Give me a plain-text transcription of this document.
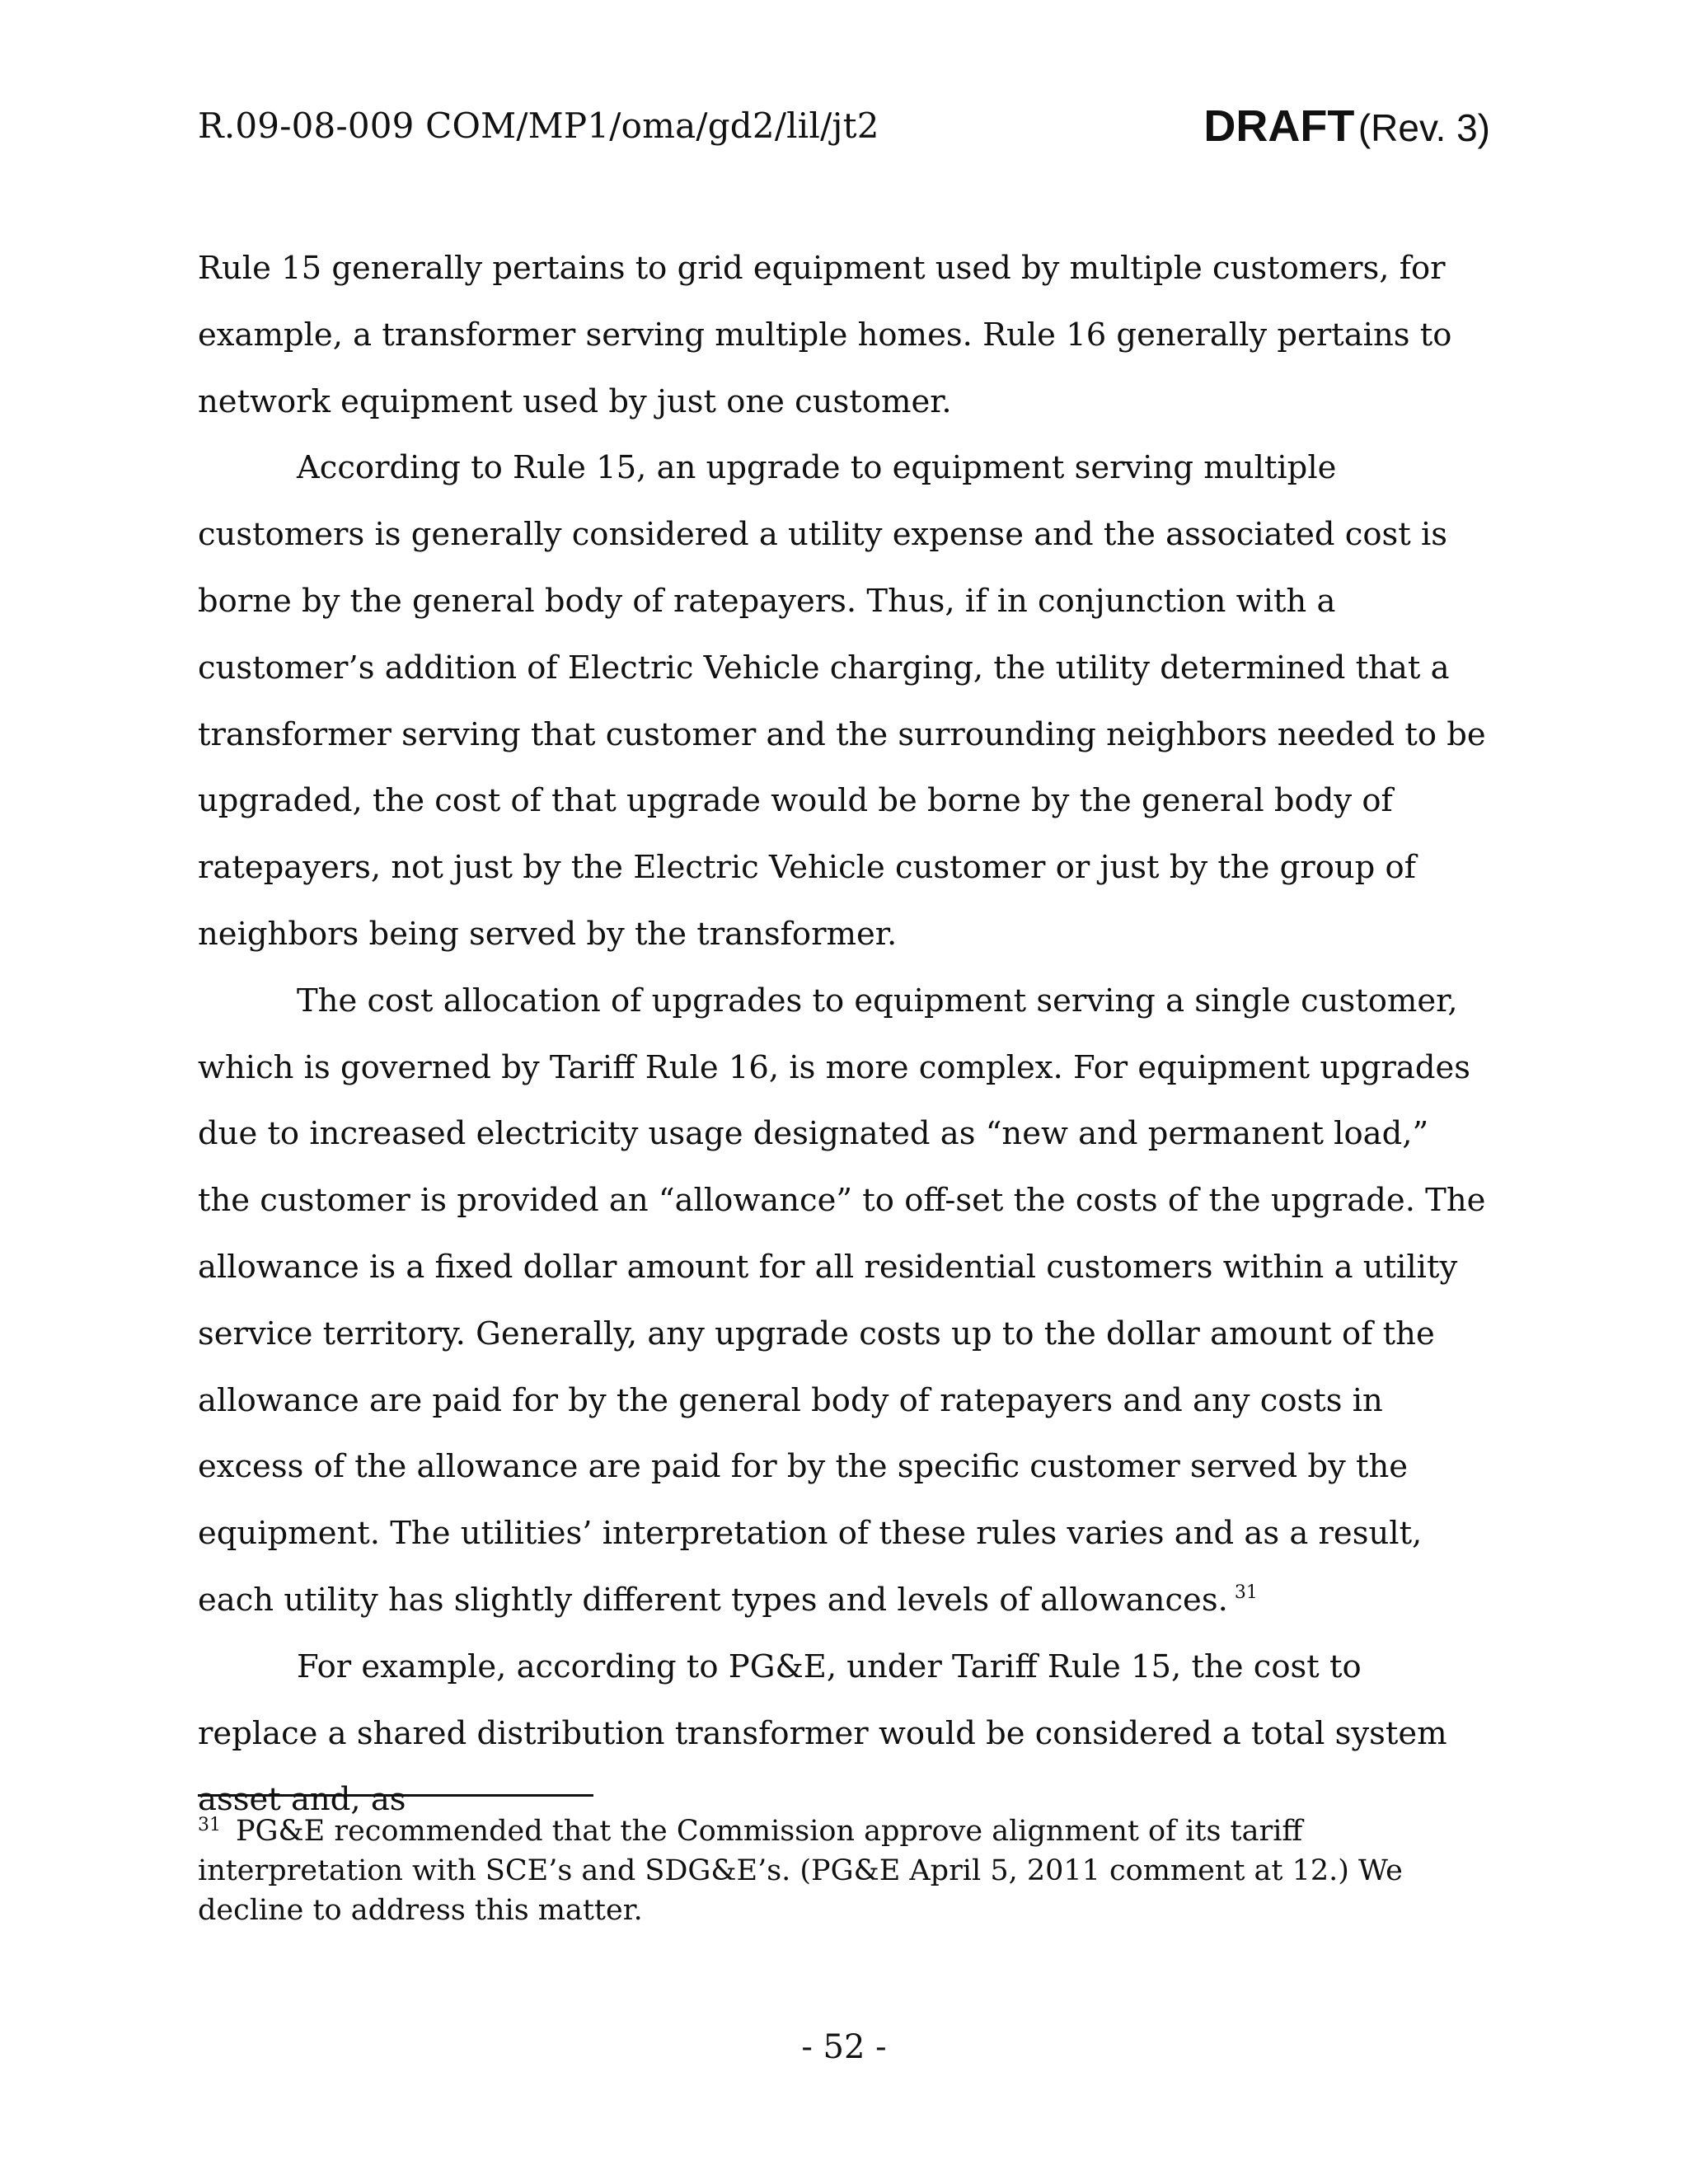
R.09-08-009 COM/MP1/oma/gd2/lil/jt2	DRAFT (Rev. 3)

Rule 15 generally pertains to grid equipment used by multiple customers, for example, a transformer serving multiple homes. Rule 16 generally pertains to network equipment used by just one customer.

According to Rule 15, an upgrade to equipment serving multiple customers is generally considered a utility expense and the associated cost is borne by the general body of ratepayers. Thus, if in conjunction with a customer’s addition of Electric Vehicle charging, the utility determined that a transformer serving that customer and the surrounding neighbors needed to be upgraded, the cost of that upgrade would be borne by the general body of ratepayers, not just by the Electric Vehicle customer or just by the group of neighbors being served by the transformer.

The cost allocation of upgrades to equipment serving a single customer, which is governed by Tariff Rule 16, is more complex. For equipment upgrades due to increased electricity usage designated as “new and permanent load,” the customer is provided an “allowance” to off-set the costs of the upgrade. The allowance is a fixed dollar amount for all residential customers within a utility service territory. Generally, any upgrade costs up to the dollar amount of the allowance are paid for by the general body of ratepayers and any costs in excess of the allowance are paid for by the specific customer served by the equipment. The utilities’ interpretation of these rules varies and as a result, each utility has slightly different types and levels of allowances. $^{31}$

For example, according to PG&E, under Tariff Rule 15, the cost to replace a shared distribution transformer would be considered a total system asset and, as

$^{31}$ PG&E recommended that the Commission approve alignment of its tariff interpretation with SCE’s and SDG&E’s. (PG&E April 5, 2011 comment at 12.) We decline to address this matter.
- 52 -
